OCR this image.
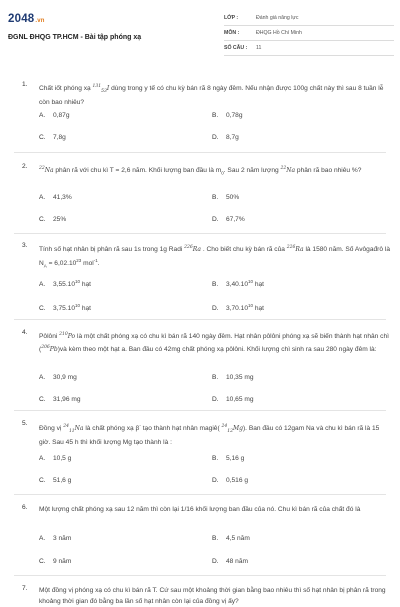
2048.vn
ĐGNL ĐHQG TP.HCM - Bài tập phóng xạ
LỚP :	Đánh giá năng lực
MÔN :	ĐHQG Hồ Chí Minh
SỐ CÂU : 11
1.
Chất iốt phóng xạ $^{131}_{53}$I dùng trong y tế có chu kỳ bán rã 8 ngày đêm. Nếu nhận được 100g chất này thì sau 8 tuần lễ còn bao nhiêu?
A. 0,87g	B. 0,78g
C. 7,8g	D. 8,7g
2.	$^{22}$Na phân rã với chu kì T = 2,6 năm. Khối lượng ban đầu là $m_0$. Sau 2 năm lượng $^{22}$Na phân rã bao nhiêu %?
A. 41,3%	B. 50%
C. 25%	D. 67,7%
3.
Tính số hạt nhân bị phân rã sau 1s trong 1g Radi $^{226}$Ra . Cho biết chu kỳ bán rã của $^{226}$Ra là 1580 năm. Số Avôgađrô là $N_A = 6,02.10^{23}$ mol$^{-1}$.
A. 3,55.10$^{10}$ hạt	B. 3,40.10$^{10}$ hạt
C. 3,75.10$^{10}$ hạt	D. 3,70.10$^{10}$ hạt
4.
Pôlôni $^{210}$Po là một chất phóng xạ có chu kì bán rã 140 ngày đêm. Hạt nhân pôlôni phóng xạ sẽ biến thành hạt nhân chì ($^{206}$Pb)và kèm theo một hạt a. Ban đầu có 42mg chất phóng xạ pôlôni. Khối lượng chì sinh ra sau 280 ngày đêm là:
A. 30,9 mg	B. 10,35 mg
C. 31,96 mg	D. 10,65 mg
5.
Đồng vị $^{24}_{11}$Na là chất phóng xạ β- tạo thành hạt nhân magiê( $^{24}_{12}$Mg). Ban đầu có 12gam Na và chu kì bán rã là 15 giờ. Sau 45 h thì khối lượng Mg tạo thành là :
A. 10,5 g	B. 5,16 g
C. 51,6 g	D. 0,516 g
6. Một lượng chất phóng xạ sau 12 năm thì còn lại 1/16 khối lượng ban đầu của nó. Chu kì bán rã của chất đó là
A. 3 năm	B. 4,5 năm
C. 9 năm	D. 48 năm
7. Một đồng vị phóng xạ có chu kì bán rã T. Cứ sau một khoảng thời gian bằng bao nhiêu thì số hạt nhân bị phân rã trong khoảng thời gian đó bằng ba lần số hạt nhân còn lại của đồng vị ấy?
